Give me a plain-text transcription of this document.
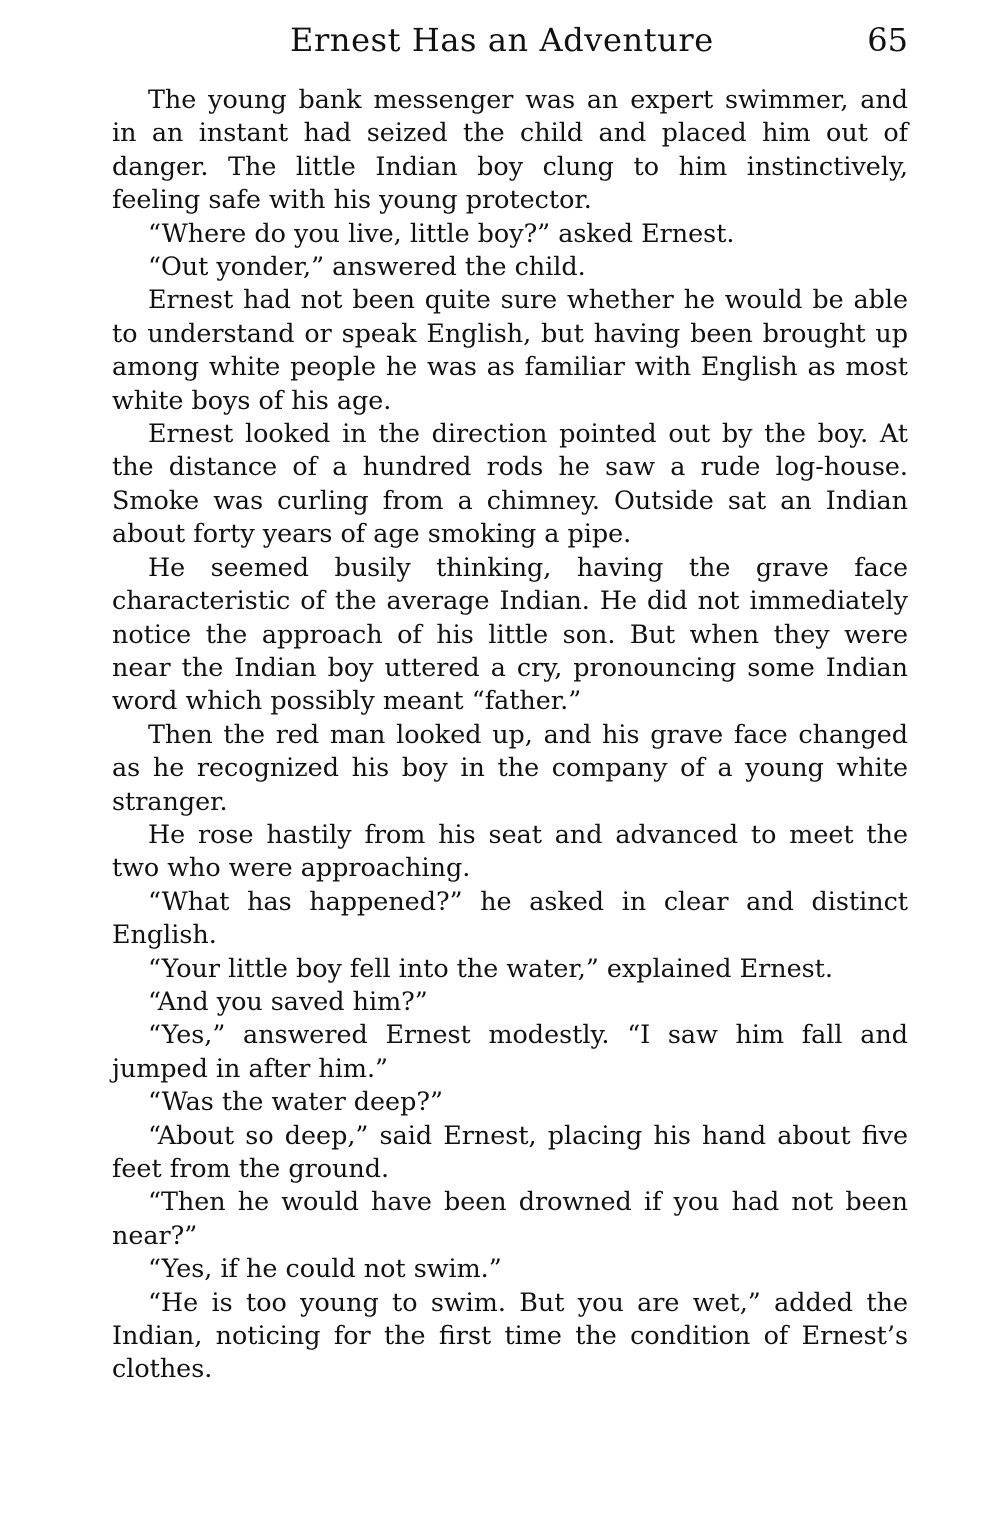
Ernest Has an Adventure	65

The young bank messenger was an expert swimmer, and in an instant had seized the child and placed him out of danger. The little Indian boy clung to him instinctively, feeling safe with his young protector.

“Where do you live, little boy?” asked Ernest.

“Out yonder,” answered the child.

Ernest had not been quite sure whether he would be able to understand or speak English, but having been brought up among white people he was as familiar with English as most white boys of his age.

Ernest looked in the direction pointed out by the boy. At the distance of a hundred rods he saw a rude log-house. Smoke was curling from a chimney. Outside sat an Indian about forty years of age smoking a pipe.

He seemed busily thinking, having the grave face characteristic of the average Indian. He did not immediately notice the approach of his little son. But when they were near the Indian boy uttered a cry, pronouncing some Indian word which possibly meant “father.”

Then the red man looked up, and his grave face changed as he recognized his boy in the company of a young white stranger.

He rose hastily from his seat and advanced to meet the two who were approaching.

“What has happened?” he asked in clear and distinct English.

“Your little boy fell into the water,” explained Ernest.

“And you saved him?”

“Yes,” answered Ernest modestly. “I saw him fall and jumped in after him.”

“Was the water deep?”

“About so deep,” said Ernest, placing his hand about five feet from the ground.

“Then he would have been drowned if you had not been near?”

“Yes, if he could not swim.”

“He is too young to swim. But you are wet,” added the Indian, noticing for the first time the condition of Ernest’s clothes.
